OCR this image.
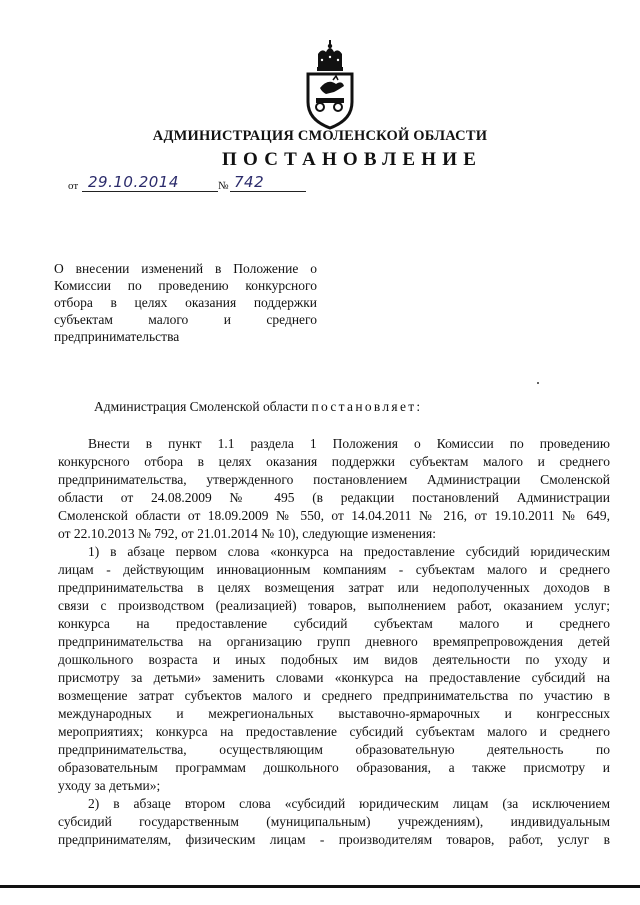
АДМИНИСТРАЦИЯ СМОЛЕНСКОЙ ОБЛАСТИ
ПОСТАНОВЛЕНИЕ
от 29.10.2014	№ 742
О внесении изменений в Положение о
Комиссии по проведению конкурсного
отбора в целях оказания поддержки
субъектам малого и среднего
предпринимательства
Администрация Смоленской области постановляет:
Внести в пункт 1.1 раздела 1 Положения о Комиссии по проведению
конкурсного отбора в целях оказания поддержки субъектам малого и среднего
предпринимательства, утвержденного постановлением Администрации Смоленской
области от 24.08.2009 № 495 (в редакции постановлений Администрации
Смоленской области от 18.09.2009 № 550, от 14.04.2011 № 216, от 19.10.2011 № 649,
от 22.10.2013 № 792, от 21.01.2014 № 10), следующие изменения:
1) в абзаце первом слова «конкурса на предоставление субсидий юридическим
лицам - действующим инновационным компаниям - субъектам малого и среднего
предпринимательства в целях возмещения затрат или недополученных доходов в
связи с производством (реализацией) товаров, выполнением работ, оказанием услуг;
конкурса на предоставление субсидий субъектам малого и среднего
предпринимательства на организацию групп дневного времяпрепровождения детей
дошкольного возраста и иных подобных им видов деятельности по уходу и
присмотру за детьми» заменить словами «конкурса на предоставление субсидий на
возмещение затрат субъектов малого и среднего предпринимательства по участию в
международных и межрегиональных выставочно-ярмарочных и конгрессных
мероприятиях; конкурса на предоставление субсидий субъектам малого и среднего
предпринимательства, осуществляющим образовательную деятельность по
образовательным программам дошкольного образования, а также присмотру и
уходу за детьми»;
2) в абзаце втором слова «субсидий юридическим лицам (за исключением
субсидий государственным (муниципальным) учреждениям), индивидуальным
предпринимателям, физическим лицам - производителям товаров, работ, услуг в
